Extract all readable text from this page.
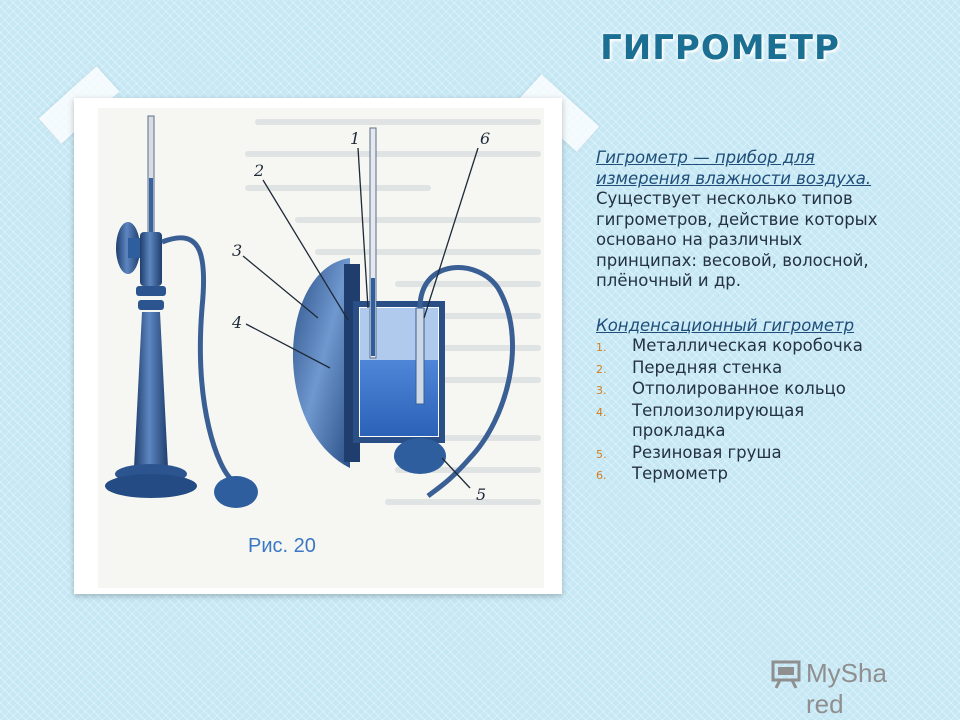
ГИГРОМЕТР
1
2
3
4
5
6
Рис. 20
Гигрометр — прибор для измерения влажности воздуха. Существует несколько типов гигрометров, действие которых основано на различных принципах: весовой, волосной, плёночный и др.
Конденсационный гигрометр
1. Металлическая коробочка
2. Передняя стенка
3. Отполированное кольцо
4. Теплоизолирующая прокладка
5. Резиновая груша
6. Термометр
MySha red
